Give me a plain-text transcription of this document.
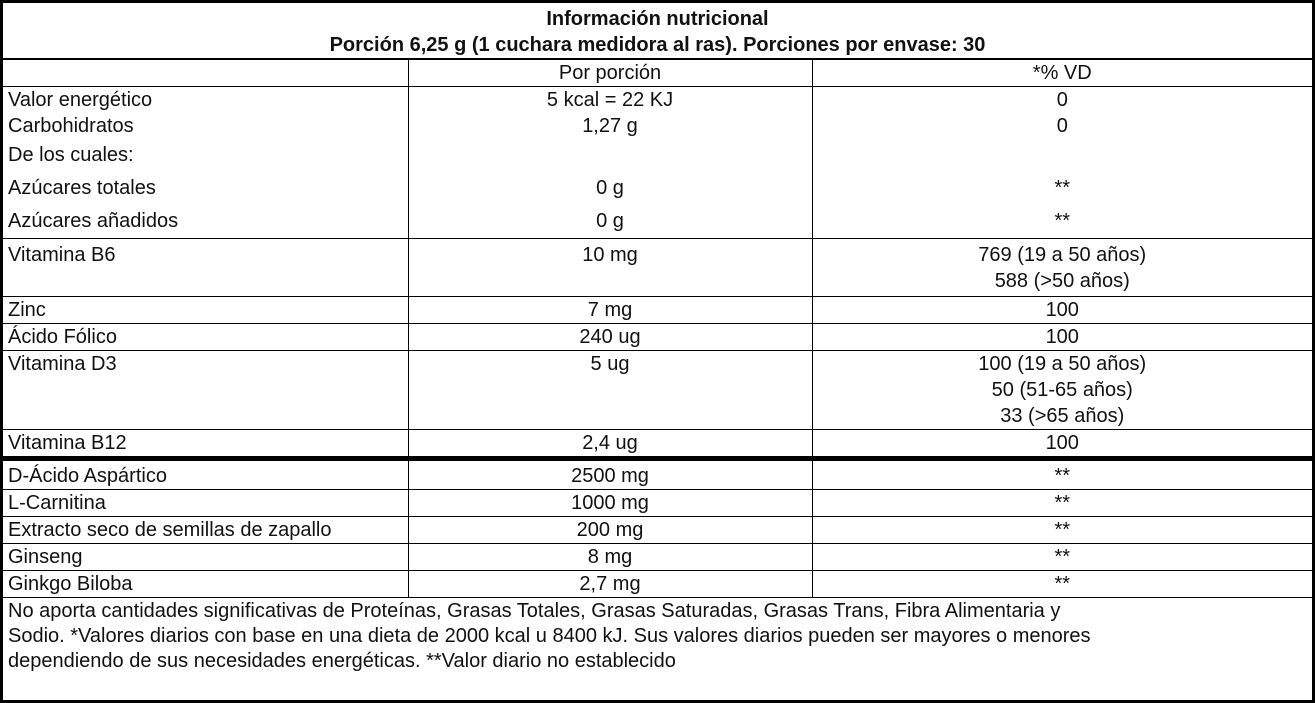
Información nutricional
Porción 6,25 g (1 cuchara medidora al ras). Porciones por envase: 30
	Por porción	*% VD
Valor energético	5 kcal = 22 KJ	0

Carbohidratos	1,27 g	0

De los cuales:		

Azúcares totales	0 g	**

Azúcares añadidos	0 g	**

Vitamina B6	10 mg	769 (19 a 50 años)
588 (>50 años)

Zinc	7 mg	100

Ácido Fólico	240 ug	100

Vitamina D3	5 ug	100 (19 a 50 años)
50 (51-65 años)
33 (>65 años)

Vitamina B12	2,4 ug	100

D-Ácido Aspártico	2500 mg	**

L-Carnitina	1000 mg	**

Extracto seco de semillas de zapallo	200 mg	**

Ginseng	8 mg	**

Ginkgo Biloba	2,7 mg	**
No aporta cantidades significativas de Proteínas, Grasas Totales, Grasas Saturadas, Grasas Trans, Fibra Alimentaria y
Sodio. *Valores diarios con base en una dieta de 2000 kcal u 8400 kJ. Sus valores diarios pueden ser mayores o menores
dependiendo de sus necesidades energéticas. **Valor diario no establecido
